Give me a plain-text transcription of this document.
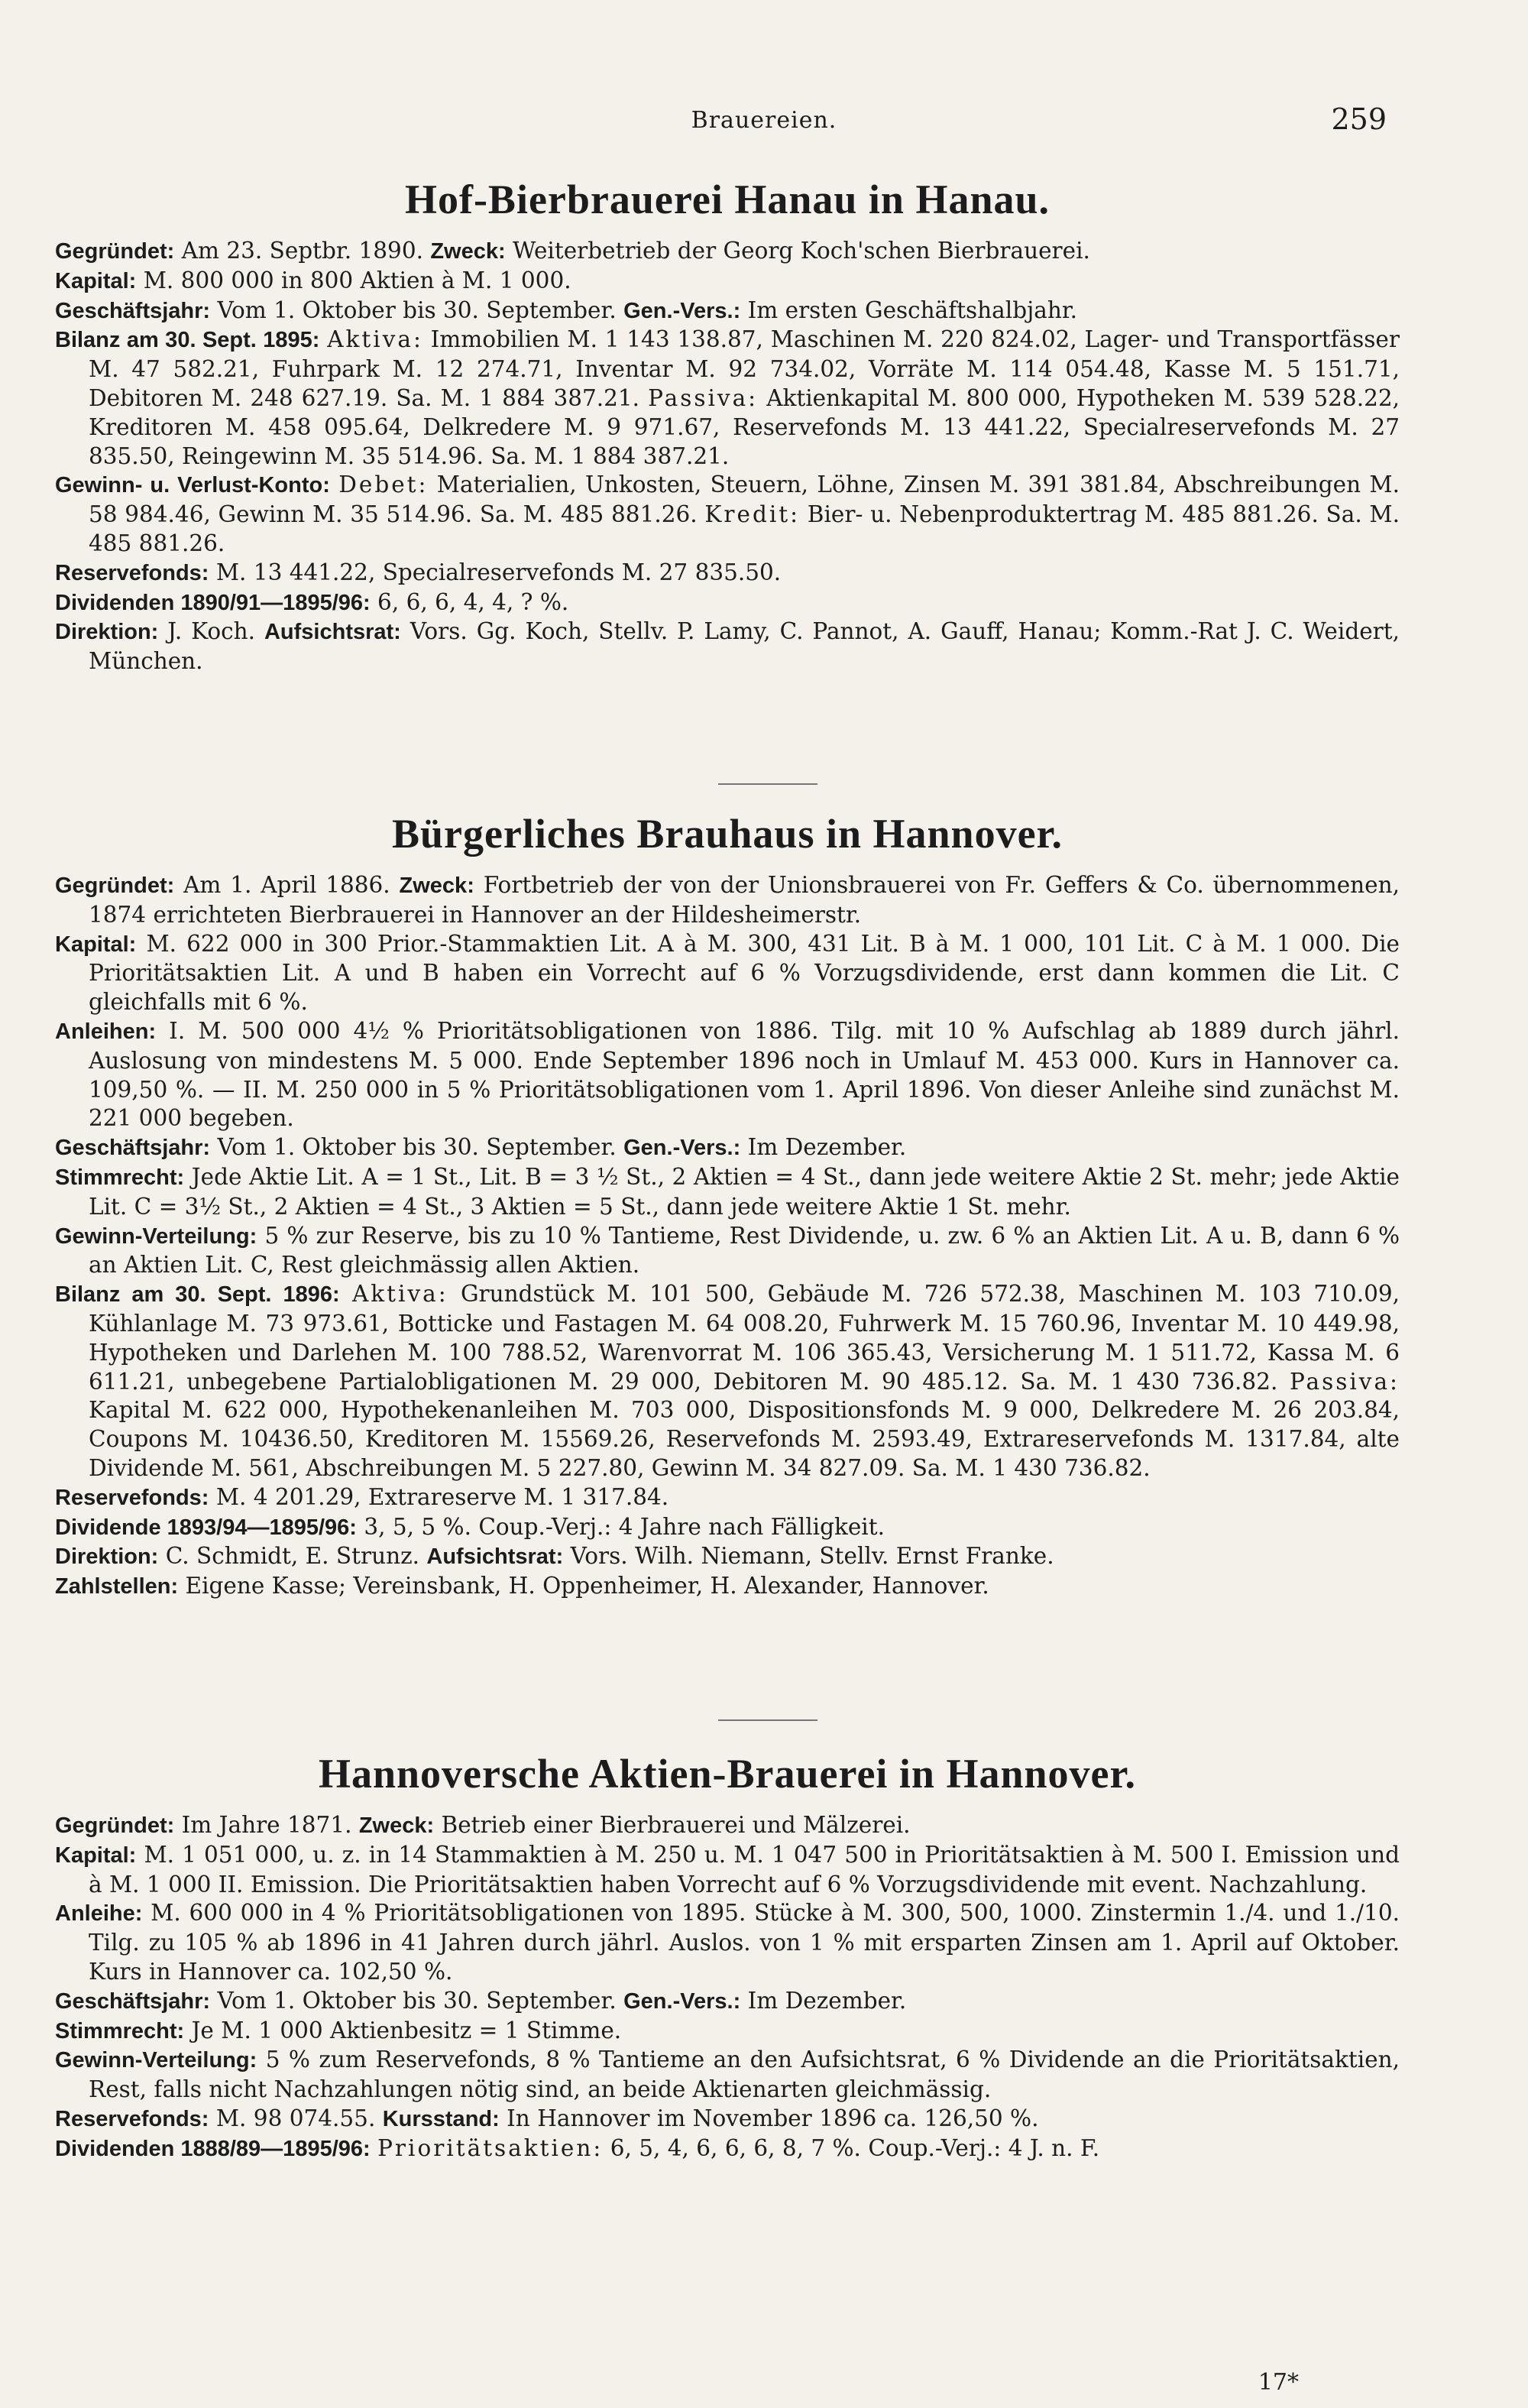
Brauereien.	259
Hof-Bierbrauerei Hanau in Hanau.

Gegründet: Am 23. Septbr. 1890. Zweck: Weiterbetrieb der Georg Koch'schen Bierbrauerei.

Kapital: M. 800 000 in 800 Aktien à M. 1 000.

Geschäftsjahr: Vom 1. Oktober bis 30. September. Gen.-Vers.: Im ersten Geschäftshalbjahr.

Bilanz am 30. Sept. 1895: Aktiva: Immobilien M. 1 143 138.87, Maschinen M. 220 824.02, Lager- und Transportfässer M. 47 582.21, Fuhrpark M. 12 274.71, Inventar M. 92 734.02, Vorräte M. 114 054.48, Kasse M. 5 151.71, Debitoren M. 248 627.19. Sa. M. 1 884 387.21. Passiva: Aktienkapital M. 800 000, Hypotheken M. 539 528.22, Kreditoren M. 458 095.64, Delkredere M. 9 971.67, Reservefonds M. 13 441.22, Specialreservefonds M. 27 835.50, Reingewinn M. 35 514.96. Sa. M. 1 884 387.21.

Gewinn- u. Verlust-Konto: Debet: Materialien, Unkosten, Steuern, Löhne, Zinsen M. 391 381.84, Abschreibungen M. 58 984.46, Gewinn M. 35 514.96. Sa. M. 485 881.26. Kredit: Bier- u. Nebenproduktertrag M. 485 881.26. Sa. M. 485 881.26.

Reservefonds: M. 13 441.22, Specialreservefonds M. 27 835.50.

Dividenden 1890/91—1895/96: 6, 6, 6, 4, 4, ? %.

Direktion: J. Koch. Aufsichtsrat: Vors. Gg. Koch, Stellv. P. Lamy, C. Pannot, A. Gauff, Hanau; Komm.-Rat J. C. Weidert, München.

Bürgerliches Brauhaus in Hannover.

Gegründet: Am 1. April 1886. Zweck: Fortbetrieb der von der Unionsbrauerei von Fr. Geffers & Co. übernommenen, 1874 errichteten Bierbrauerei in Hannover an der Hildesheimerstr.

Kapital: M. 622 000 in 300 Prior.-Stammaktien Lit. A à M. 300, 431 Lit. B à M. 1 000, 101 Lit. C à M. 1 000. Die Prioritätsaktien Lit. A und B haben ein Vorrecht auf 6 % Vorzugsdividende, erst dann kommen die Lit. C gleichfalls mit 6 %.

Anleihen: I. M. 500 000 4½ % Prioritätsobligationen von 1886. Tilg. mit 10 % Aufschlag ab 1889 durch jährl. Auslosung von mindestens M. 5 000. Ende September 1896 noch in Umlauf M. 453 000. Kurs in Hannover ca. 109,50 %. — II. M. 250 000 in 5 % Prioritätsobligationen vom 1. April 1896. Von dieser Anleihe sind zunächst M. 221 000 begeben.

Geschäftsjahr: Vom 1. Oktober bis 30. September. Gen.-Vers.: Im Dezember.

Stimmrecht: Jede Aktie Lit. A = 1 St., Lit. B = 3 ½ St., 2 Aktien = 4 St., dann jede weitere Aktie 2 St. mehr; jede Aktie Lit. C = 3½ St., 2 Aktien = 4 St., 3 Aktien = 5 St., dann jede weitere Aktie 1 St. mehr.

Gewinn-Verteilung: 5 % zur Reserve, bis zu 10 % Tantieme, Rest Dividende, u. zw. 6 % an Aktien Lit. A u. B, dann 6 % an Aktien Lit. C, Rest gleichmässig allen Aktien.

Bilanz am 30. Sept. 1896: Aktiva: Grundstück M. 101 500, Gebäude M. 726 572.38, Maschinen M. 103 710.09, Kühlanlage M. 73 973.61, Botticke und Fastagen M. 64 008.20, Fuhrwerk M. 15 760.96, Inventar M. 10 449.98, Hypotheken und Darlehen M. 100 788.52, Warenvorrat M. 106 365.43, Versicherung M. 1 511.72, Kassa M. 6 611.21, unbegebene Partialobligationen M. 29 000, Debitoren M. 90 485.12. Sa. M. 1 430 736.82. Passiva: Kapital M. 622 000, Hypothekenanleihen M. 703 000, Dispositionsfonds M. 9 000, Delkredere M. 26 203.84, Coupons M. 10436.50, Kreditoren M. 15569.26, Reservefonds M. 2593.49, Extrareservefonds M. 1317.84, alte Dividende M. 561, Abschreibungen M. 5 227.80, Gewinn M. 34 827.09. Sa. M. 1 430 736.82.

Reservefonds: M. 4 201.29, Extrareserve M. 1 317.84.

Dividende 1893/94—1895/96: 3, 5, 5 %. Coup.-Verj.: 4 Jahre nach Fälligkeit.

Direktion: C. Schmidt, E. Strunz. Aufsichtsrat: Vors. Wilh. Niemann, Stellv. Ernst Franke.

Zahlstellen: Eigene Kasse; Vereinsbank, H. Oppenheimer, H. Alexander, Hannover.

Hannoversche Aktien-Brauerei in Hannover.

Gegründet: Im Jahre 1871. Zweck: Betrieb einer Bierbrauerei und Mälzerei.

Kapital: M. 1 051 000, u. z. in 14 Stammaktien à M. 250 u. M. 1 047 500 in Prioritätsaktien à M. 500 I. Emission und à M. 1 000 II. Emission. Die Prioritätsaktien haben Vorrecht auf 6 % Vorzugsdividende mit event. Nachzahlung.

Anleihe: M. 600 000 in 4 % Prioritätsobligationen von 1895. Stücke à M. 300, 500, 1000. Zinstermin 1./4. und 1./10. Tilg. zu 105 % ab 1896 in 41 Jahren durch jährl. Auslos. von 1 % mit ersparten Zinsen am 1. April auf Oktober. Kurs in Hannover ca. 102,50 %.

Geschäftsjahr: Vom 1. Oktober bis 30. September. Gen.-Vers.: Im Dezember.

Stimmrecht: Je M. 1 000 Aktienbesitz = 1 Stimme.

Gewinn-Verteilung: 5 % zum Reservefonds, 8 % Tantieme an den Aufsichtsrat, 6 % Dividende an die Prioritätsaktien, Rest, falls nicht Nachzahlungen nötig sind, an beide Aktienarten gleichmässig.

Reservefonds: M. 98 074.55. Kursstand: In Hannover im November 1896 ca. 126,50 %.

Dividenden 1888/89—1895/96: Prioritätsaktien: 6, 5, 4, 6, 6, 6, 8, 7 %. Coup.-Verj.: 4 J. n. F.

17*
